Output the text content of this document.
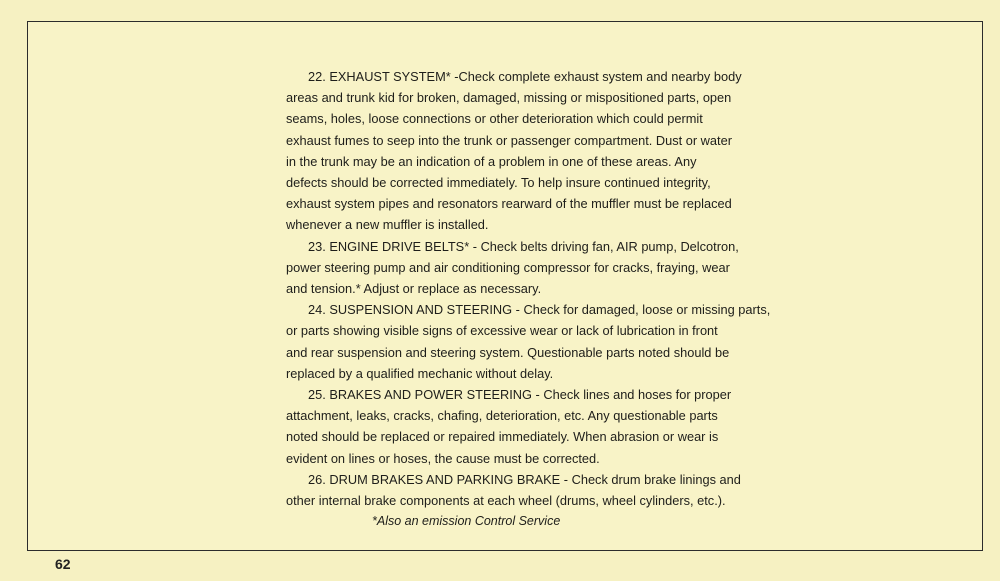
22. EXHAUST SYSTEM* -Check complete exhaust system and nearby body
areas and trunk kid for broken, damaged, missing or mispositioned parts, open
seams, holes, loose connections or other deterioration which could permit
exhaust fumes to seep into the trunk or passenger compartment. Dust or water
in the trunk may be an indication of a problem in one of these areas. Any
defects should be corrected immediately. To help insure continued integrity,
exhaust system pipes and resonators rearward of the muffler must be replaced
whenever a new muffler is installed.
23. ENGINE DRIVE BELTS* - Check belts driving fan, AIR pump, Delcotron,
power steering pump and air conditioning compressor for cracks, fraying, wear
and tension.* Adjust or replace as necessary.
24. SUSPENSION AND STEERING - Check for damaged, loose or missing parts,
or parts showing visible signs of excessive wear or lack of lubrication in front
and rear suspension and steering system. Questionable parts noted should be
replaced by a qualified mechanic without delay.
25. BRAKES AND POWER STEERING - Check lines and hoses for proper
attachment, leaks, cracks, chafing, deterioration, etc. Any questionable parts
noted should be replaced or repaired immediately. When abrasion or wear is
evident on lines or hoses, the cause must be corrected.
26. DRUM BRAKES AND PARKING BRAKE - Check drum brake linings and
other internal brake components at each wheel (drums, wheel cylinders, etc.).
*Also an emission Control Service
62
